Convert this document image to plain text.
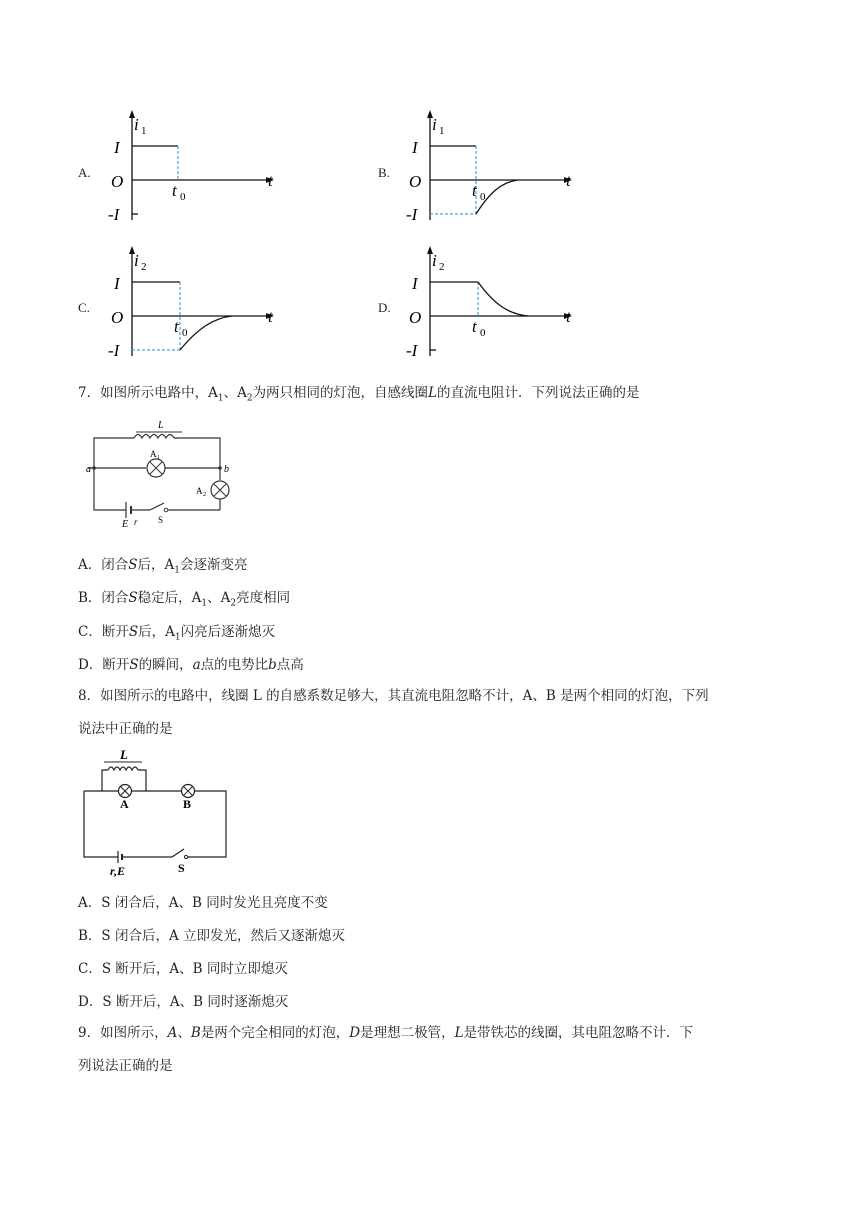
A.
i 1
I
O
-I
t 0
t	B.
i 1
I
O
-I
t 0
t
C.
i 2
I
O
-I
t 0
t	D.
i 2
I
O
-I
t 0
t
7．如图所示电路中，$A_1$、$A_2$为两只相同的灯泡，自感线圈L的直流电阻计．下列说法正确的是
L
a	b
A 1
A 2
E r S
A．闭合S后，$A_1$会逐渐变亮
B．闭合S稳定后，$A_1$、$A_2$亮度相同
C．断开S后，$A_1$闪亮后逐渐熄灭
D．断开S的瞬间，a点的电势比b点高
8．如图所示的电路中，线圈 L 的自感系数足够大，其直流电阻忽略不计，A、B 是两个相同的灯泡，下列
说法中正确的是
L
A	B
r,E	S
A．S 闭合后，A、B 同时发光且亮度不变
B．S 闭合后，A 立即发光，然后又逐渐熄灭
C．S 断开后，A、B 同时立即熄灭
D．S 断开后，A、B 同时逐渐熄灭
9．如图所示，A、B是两个完全相同的灯泡，D是理想二极管，L是带铁芯的线圈，其电阻忽略不计．下
列说法正确的是
